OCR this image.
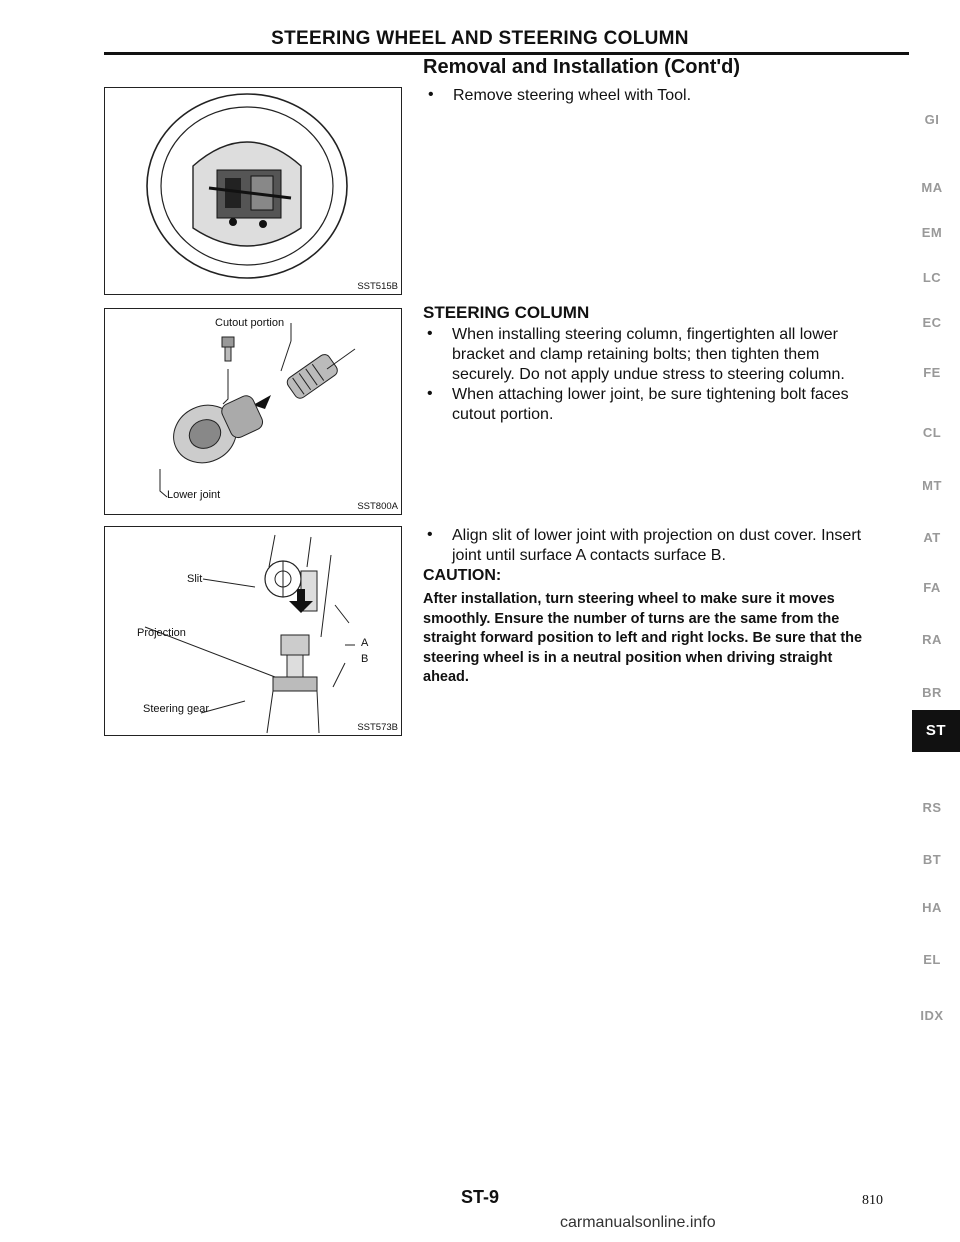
STEERING WHEEL AND STEERING COLUMN
Removal and Installation (Cont'd)
• Remove steering wheel with Tool.
SST515B
Cutout portion
Lower joint
SST800A
Slit
Projection
Steering gear
A
B
SST573B
STEERING COLUMN
• When installing steering column, fingertighten all lower
bracket and clamp retaining bolts; then tighten them
securely. Do not apply undue stress to steering column.
• When attaching lower joint, be sure tightening bolt faces
cutout portion.
• Align slit of lower joint with projection on dust cover. Insert
joint until surface A contacts surface B.
CAUTION:
After installation, turn steering wheel to make sure it moves
smoothly. Ensure the number of turns are the same from the
straight forward position to left and right locks. Be sure that the
steering wheel is in a neutral position when driving straight
ahead.
GI
MA
EM
LC
EC
FE
CL
MT
AT
FA
RA
BR
ST
RS
BT
HA
EL
IDX
ST-9	810
carmanualsonline.info
